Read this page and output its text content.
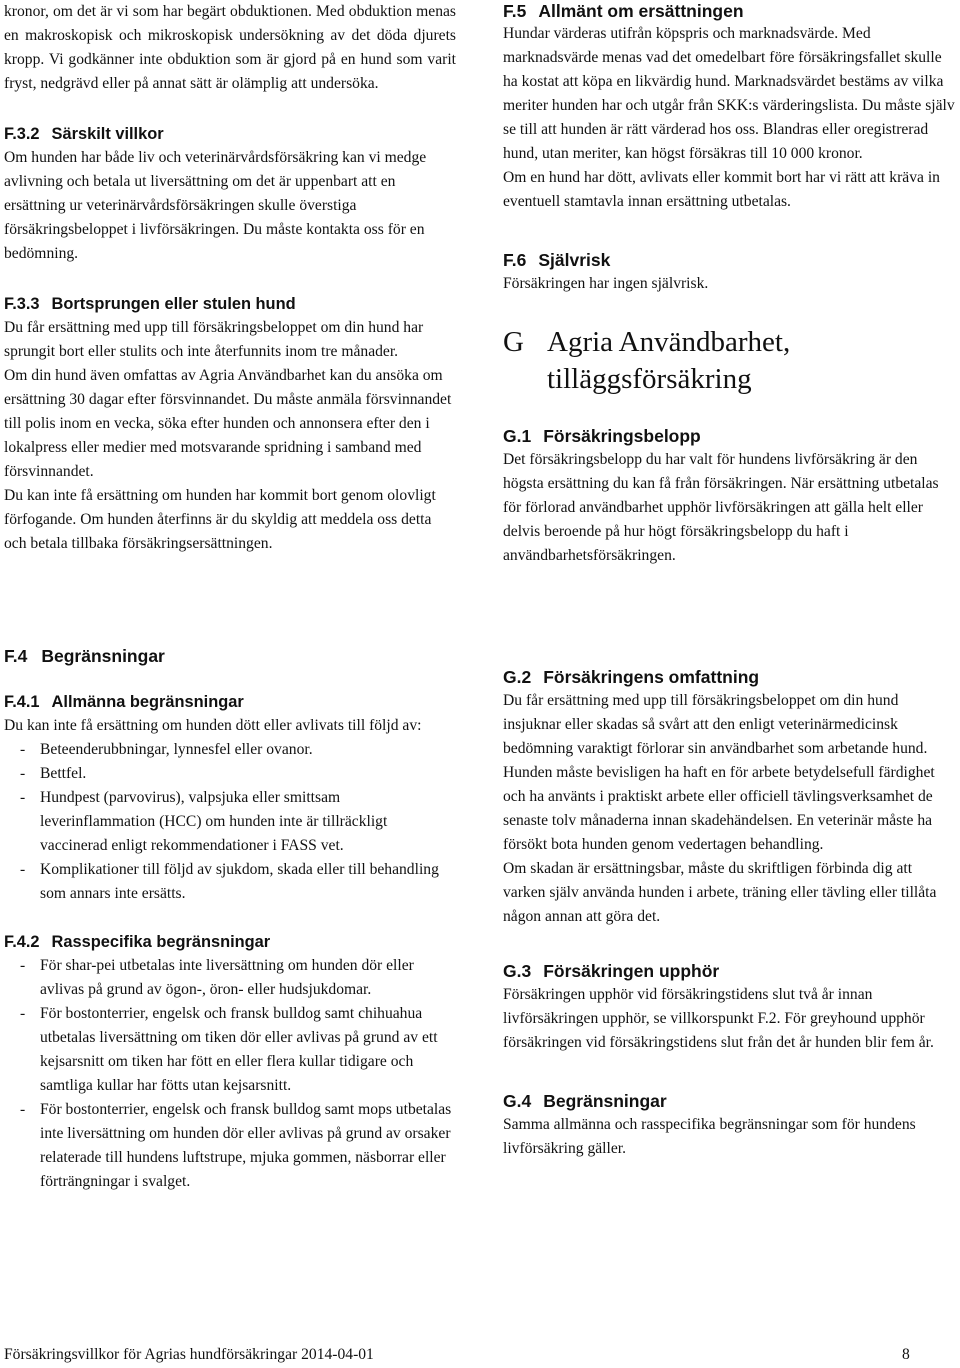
kronor, om det är vi som har begärt obduktionen. Med obduktion menas en makroskopisk och mikroskopisk undersökning av det döda djurets kropp. Vi godkänner inte obduktion som är gjord på en hund som varit fryst, nedgrävd eller på annat sätt är olämplig att undersöka.

F.3.2 Särskilt villkor

Om hunden har både liv och veterinärvårdsförsäkring kan vi medge avlivning och betala ut liversättning om det är uppenbart att en ersättning ur veterinärvårdsförsäkringen skulle överstiga försäkringsbeloppet i livförsäkringen. Du måste kontakta oss för en bedömning.

F.3.3 Bortsprungen eller stulen hund

Du får ersättning med upp till försäkringsbeloppet om din hund har sprungit bort eller stulits och inte återfunnits inom tre månader.

Om din hund även omfattas av Agria Användbarhet kan du ansöka om ersättning 30 dagar efter försvinnandet. Du måste anmäla försvinnandet till polis inom en vecka, söka efter hunden och annonsera efter den i lokalpress eller medier med motsvarande spridning i samband med försvinnandet.

Du kan inte få ersättning om hunden har kommit bort genom olovligt förfogande. Om hunden återfinns är du skyldig att meddela oss detta och betala tillbaka försäkringsersättningen.

F.4 Begränsningar

F.4.1 Allmänna begränsningar

Du kan inte få ersättning om hunden dött eller avlivats till följd av:

- Beteenderubbningar, lynnesfel eller ovanor.
- Bettfel.
- Hundpest (parvovirus), valpsjuka eller smittsam leverinflammation (HCC) om hunden inte är tillräckligt vaccinerad enligt rekommendationer i FASS vet.
- Komplikationer till följd av sjukdom, skada eller till behandling som annars inte ersätts.

F.4.2 Rasspecifika begränsningar

- För shar-pei utbetalas inte liversättning om hunden dör eller avlivas på grund av ögon-, öron- eller hudsjukdomar.
- För bostonterrier, engelsk och fransk bulldog samt chihuahua utbetalas liversättning om tiken dör eller avlivas på grund av ett kejsarsnitt om tiken har fött en eller flera kullar tidigare och samtliga kullar har fötts utan kejsarsnitt.
- För bostonterrier, engelsk och fransk bulldog samt mops utbetalas inte liversättning om hunden dör eller avlivas på grund av orsaker relaterade till hundens luftstrupe, mjuka gommen, näsborrar eller förträngningar i svalget.

F.5 Allmänt om ersättningen

Hundar värderas utifrån köpspris och marknadsvärde. Med marknadsvärde menas vad det omedelbart före försäkringsfallet skulle ha kostat att köpa en likvärdig hund. Marknadsvärdet bestäms av vilka meriter hunden har och utgår från SKK:s värderingslista. Du måste själv se till att hunden är rätt värderad hos oss. Blandras eller oregistrerad hund, utan meriter, kan högst försäkras till 10 000 kronor.

Om en hund har dött, avlivats eller kommit bort har vi rätt att kräva in eventuell stamtavla innan ersättning utbetalas.

F.6 Självrisk

Försäkringen har ingen självrisk.

G Agria Användbarhet, tilläggsförsäkring

G.1 Försäkringsbelopp

Det försäkringsbelopp du har valt för hundens livförsäkring är den högsta ersättning du kan få från försäkringen. När ersättning utbetalas för förlorad användbarhet upphör livförsäkringen att gälla helt eller delvis beroende på hur högt försäkringsbelopp du haft i användbarhetsförsäkringen.

G.2 Försäkringens omfattning

Du får ersättning med upp till försäkringsbeloppet om din hund insjuknar eller skadas så svårt att den enligt veterinärmedicinsk bedömning varaktigt förlorar sin användbarhet som arbetande hund.

Hunden måste bevisligen ha haft en för arbete betydelsefull färdighet och ha använts i praktiskt arbete eller officiell tävlingsverksamhet de senaste tolv månaderna innan skadehändelsen. En veterinär måste ha försökt bota hunden genom vedertagen behandling.

Om skadan är ersättningsbar, måste du skriftligen förbinda dig att varken själv använda hunden i arbete, träning eller tävling eller tillåta någon annan att göra det.

G.3 Försäkringen upphör

Försäkringen upphör vid försäkringstidens slut två år innan livförsäkringen upphör, se villkorspunkt F.2. För greyhound upphör försäkringen vid försäkringstidens slut från det år hunden blir fem år.

G.4 Begränsningar

Samma allmänna och rasspecifika begränsningar som för hundens livförsäkring gäller.

Försäkringsvillkor för Agrias hundförsäkringar 2014-04-01	8
